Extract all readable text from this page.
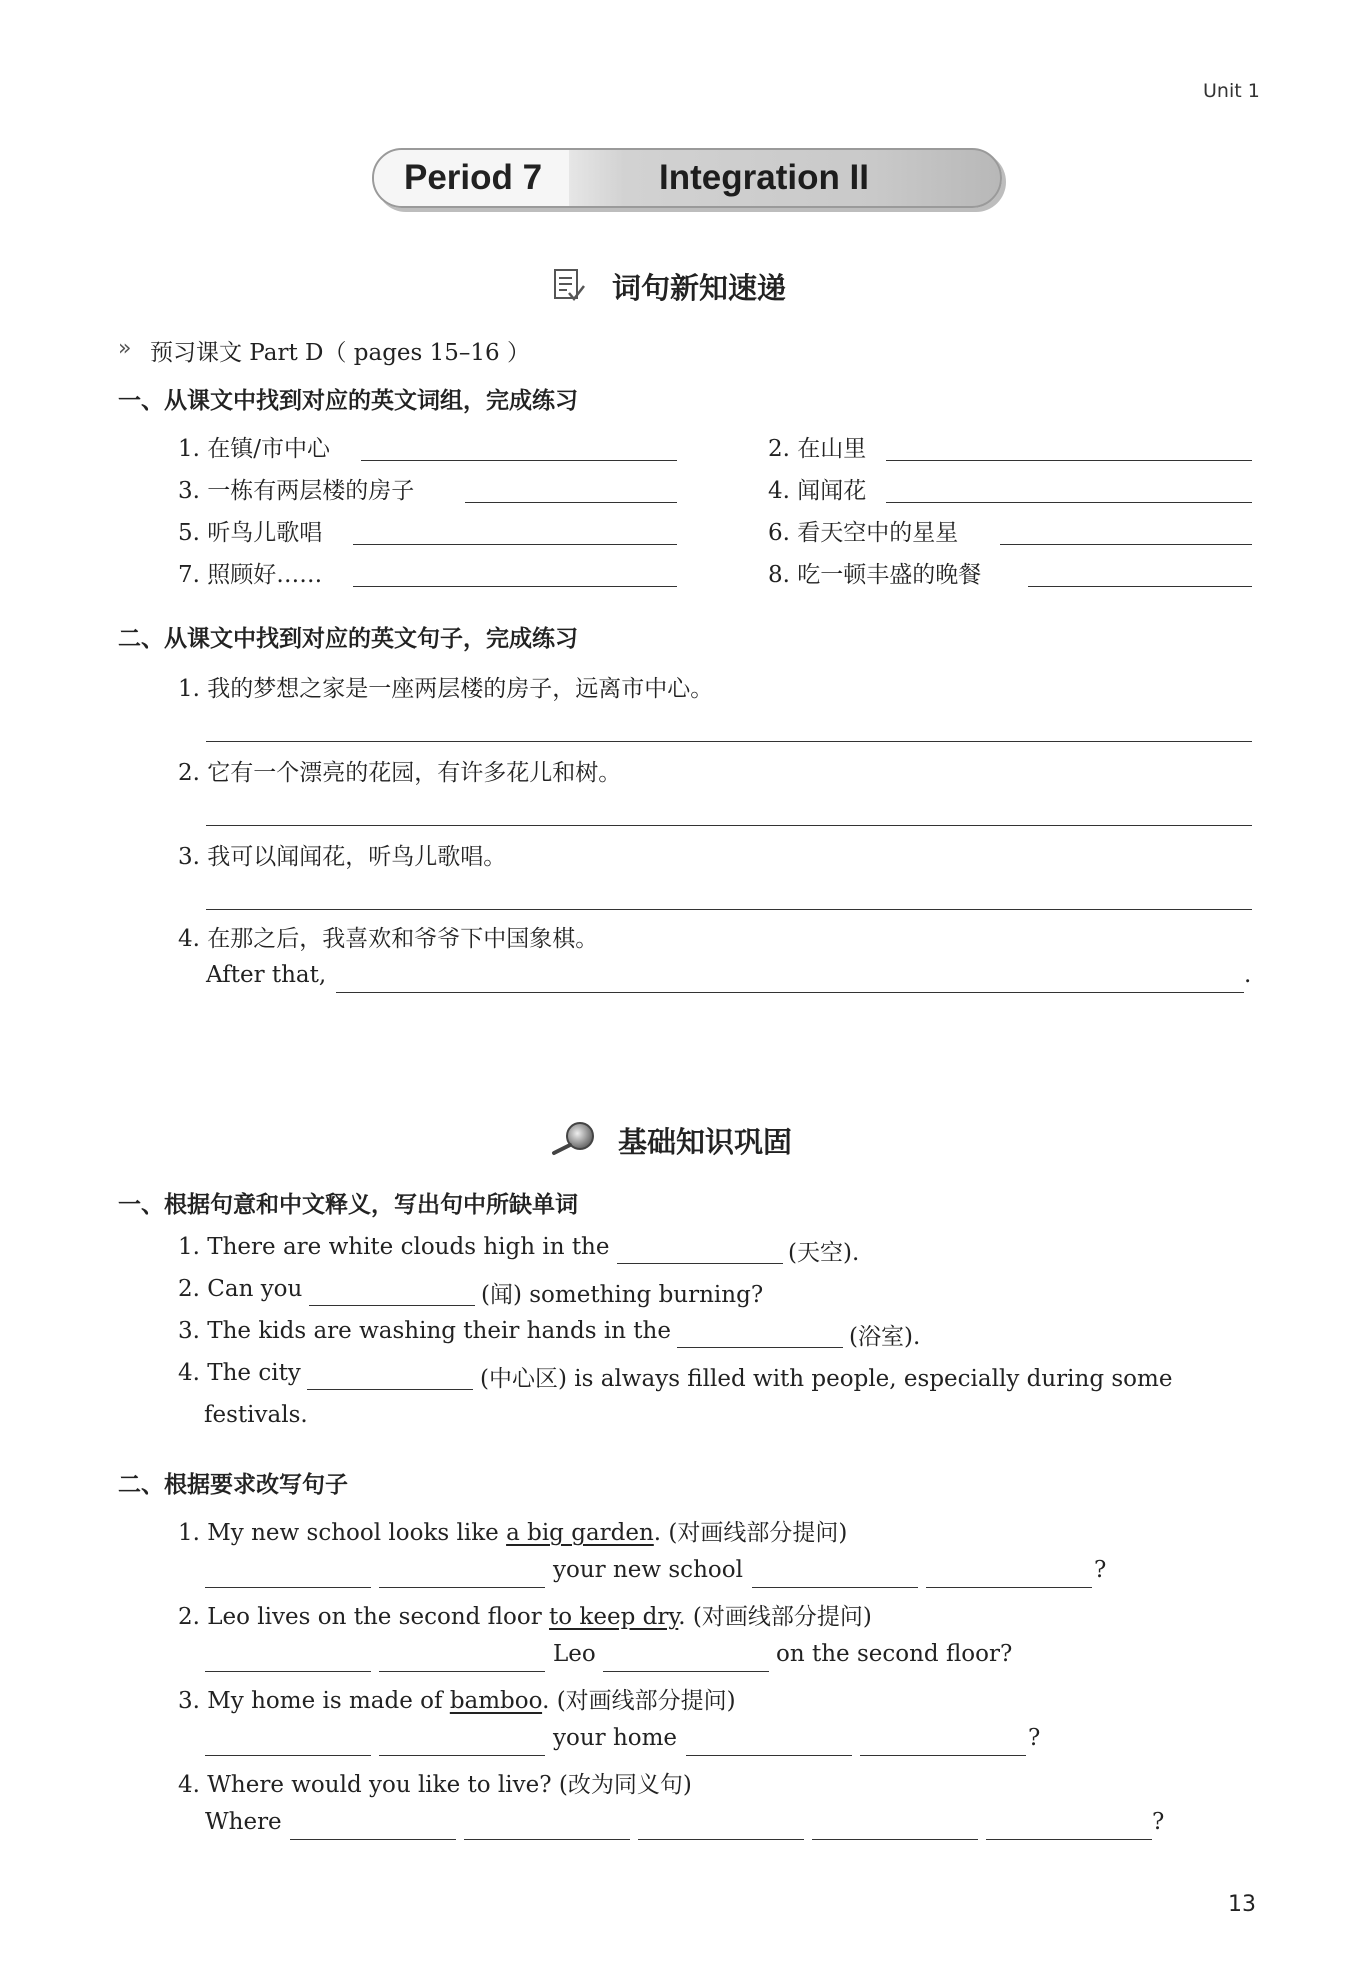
Unit 1
Period 7	Integration II
词句新知速递
» 预习课文 Part D（ pages 15–16 ）
一、从课文中找到对应的英文词组，完成练习
1. 在镇/市中心	2. 在山里
3. 一栋有两层楼的房子	4. 闻闻花
5. 听鸟儿歌唱	6. 看天空中的星星
7. 照顾好……	8. 吃一顿丰盛的晚餐
二、从课文中找到对应的英文句子，完成练习
1. 我的梦想之家是一座两层楼的房子，远离市中心。
2. 它有一个漂亮的花园，有许多花儿和树。
3. 我可以闻闻花，听鸟儿歌唱。
4. 在那之后，我喜欢和爷爷下中国象棋。
After that,	.
基础知识巩固
一、根据句意和中文释义，写出句中所缺单词
1. There are white clouds high in the	(天空).
2. Can you	(闻) something burning?
3. The kids are washing their hands in the	(浴室).
4. The city	(中心区) is always filled with people, especially during some
festivals.
二、根据要求改写句子
1. My new school looks like a big garden. (对画线部分提问)
your new school	?
2. Leo lives on the second floor to keep dry. (对画线部分提问)
Leo	on the second floor?
3. My home is made of bamboo. (对画线部分提问)
your home	?
4. Where would you like to live? (改为同义句)
Where	?
13
